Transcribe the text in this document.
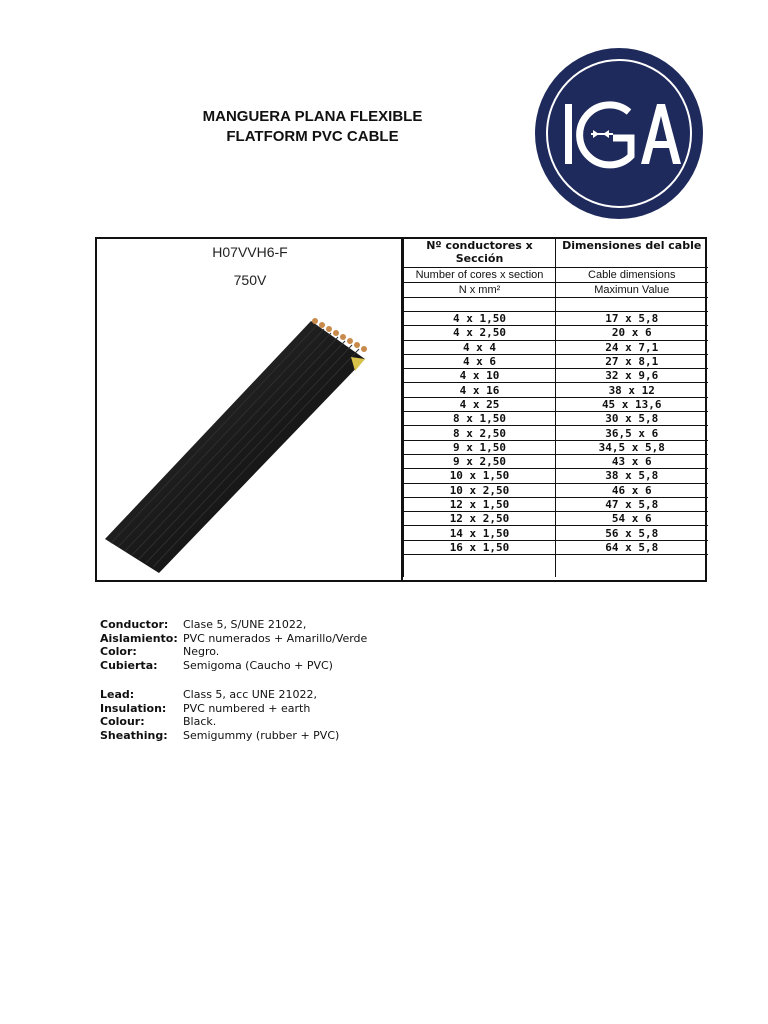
MANGUERA PLANA FLEXIBLE
FLATFORM PVC CABLE
H07VVH6-F
750V
Nº conductores x Sección	Dimensiones del cable
Number of cores x section	Cable dimensions
N x mm²	Maximun Value

4 x 1,50	17 x 5,8
4 x 2,50	20 x 6
4 x 4	24 x 7,1
4 x 6	27 x 8,1
4 x 10	32 x 9,6
4 x 16	38 x 12
4 x 25	45 x 13,6
8 x 1,50	30 x 5,8
8 x 2,50	36,5 x 6
9 x 1,50	34,5 x 5,8
9 x 2,50	43 x 6
10 x 1,50	38 x 5,8
10 x 2,50	46 x 6
12 x 1,50	47 x 5,8
12 x 2,50	54 x 6
14 x 1,50	56 x 5,8
16 x 1,50	64 x 5,8

Conductor:	Clase 5, S/UNE 21022,
Aislamiento: PVC numerados + Amarillo/Verde
Color:	Negro.
Cubierta:	Semigoma (Caucho + PVC)
Lead:	Class 5, acc UNE 21022,
Insulation:	PVC numbered + earth
Colour:	Black.
Sheathing:	Semigummy (rubber + PVC)
